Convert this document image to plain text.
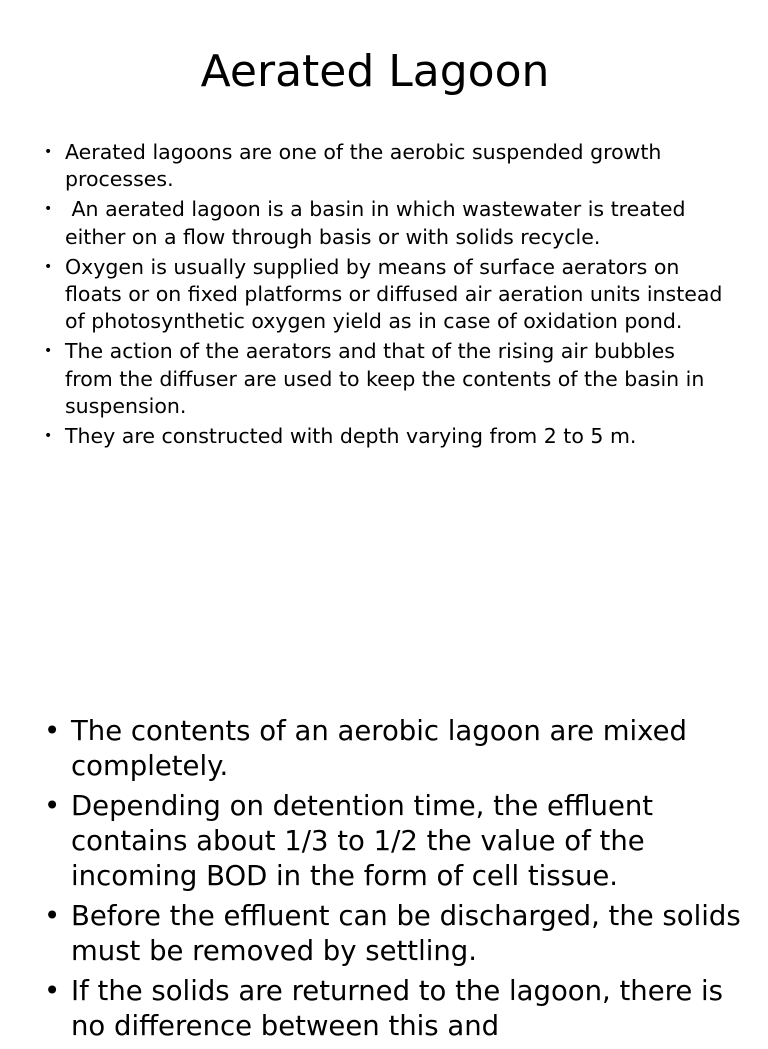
Aerated Lagoon
• Aerated lagoons are one of the aerobic suspended growth processes.
• An aerated lagoon is a basin in which wastewater is treated either on a flow through basis or with solids recycle.
• Oxygen is usually supplied by means of surface aerators on floats or on fixed platforms or diffused air aeration units instead of photosynthetic oxygen yield as in case of oxidation pond.
• The action of the aerators and that of the rising air bubbles from the diffuser are used to keep the contents of the basin in suspension.
• They are constructed with depth varying from 2 to 5 m.
• The contents of an aerobic lagoon are mixed completely.
• Depending on detention time, the effluent contains about 1/3 to 1/2 the value of the incoming BOD in the form of cell tissue.
• Before the effluent can be discharged, the solids must be removed by settling.
• If the solids are returned to the lagoon, there is no difference between this and
